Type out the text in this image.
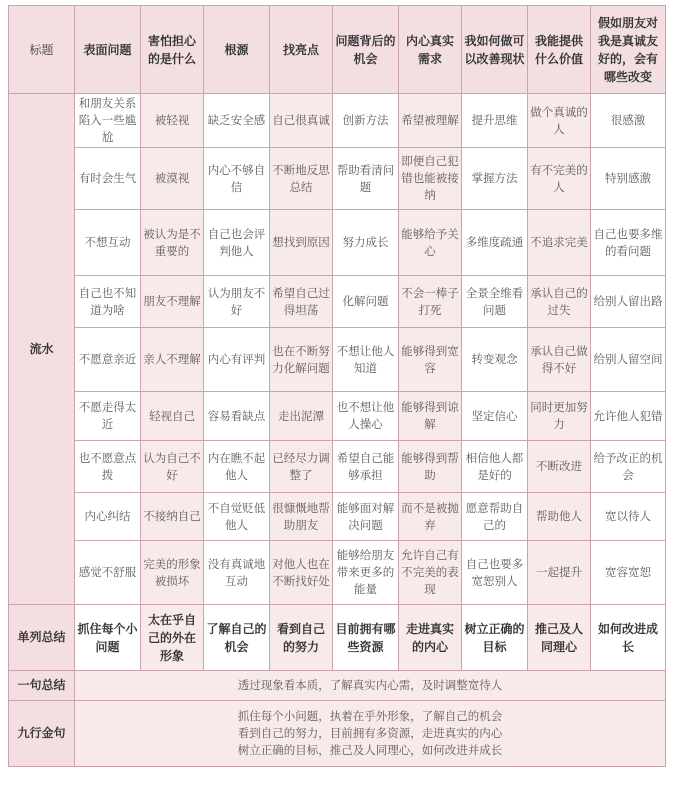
标题	表面问题	害怕担心的是什么	根源	找亮点	问题背后的机会	内心真实需求	我如何做可以改善现状	我能提供什么价值	假如朋友对我是真诚友好的，会有哪些改变
流水	和朋友关系陷入一些尴尬	被轻视	缺乏安全感	自己很真诚	创新方法	希望被理解	提升思维	做个真诚的人	很感激
	有时会生气	被漠视	内心不够自信	不断地反思总结	帮助看清问题	即便自己犯错也能被接纳	掌握方法	有不完美的人	特别感激
	不想互动	被认为是不重要的	自己也会评判他人	想找到原因	努力成长	能够给予关心	多维度疏通	不追求完美	自己也要多维的看问题
	自己也不知道为啥	朋友不理解	认为朋友不好	希望自己过得坦荡	化解问题	不会一棒子打死	全景全维看问题	承认自己的过失	给别人留出路
	不愿意亲近	亲人不理解	内心有评判	也在不断努力化解问题	不想让他人知道	能够得到宽容	转变观念	承认自己做得不好	给别人留空间
	不愿走得太近	轻视自己	容易看缺点	走出泥潭	也不想让他人操心	能够得到谅解	坚定信心	同时更加努力	允许他人犯错
	也不愿意点拨	认为自己不好	内在瞧不起他人	已经尽力调整了	希望自己能够承担	能够得到帮助	相信他人都是好的	不断改进	给予改正的机会
	内心纠结	不接纳自己	不自觉贬低他人	很慷慨地帮助朋友	能够面对解决问题	而不是被抛弃	愿意帮助自己的	帮助他人	宽以待人
	感觉不舒服	完美的形象被损坏	没有真诚地互动	对他人也在不断找好处	能够给朋友带来更多的能量	允许自己有不完美的表现	自己也要多宽恕别人	一起提升	宽容宽恕
单列总结	抓住每个小问题	太在乎自己的外在形象	了解自己的机会	看到自己的努力	目前拥有哪些资源	走进真实的内心	树立正确的目标	推己及人同理心	如何改进成长
一句总结	透过现象看本质，了解真实内心需，及时调整宽待人								
九行金句	抓住每个小问题，执着在乎外形象，了解自己的机会
看到自己的努力，目前拥有多资源，走进真实的内心
树立正确的目标，推己及人同理心，如何改进并成长								
